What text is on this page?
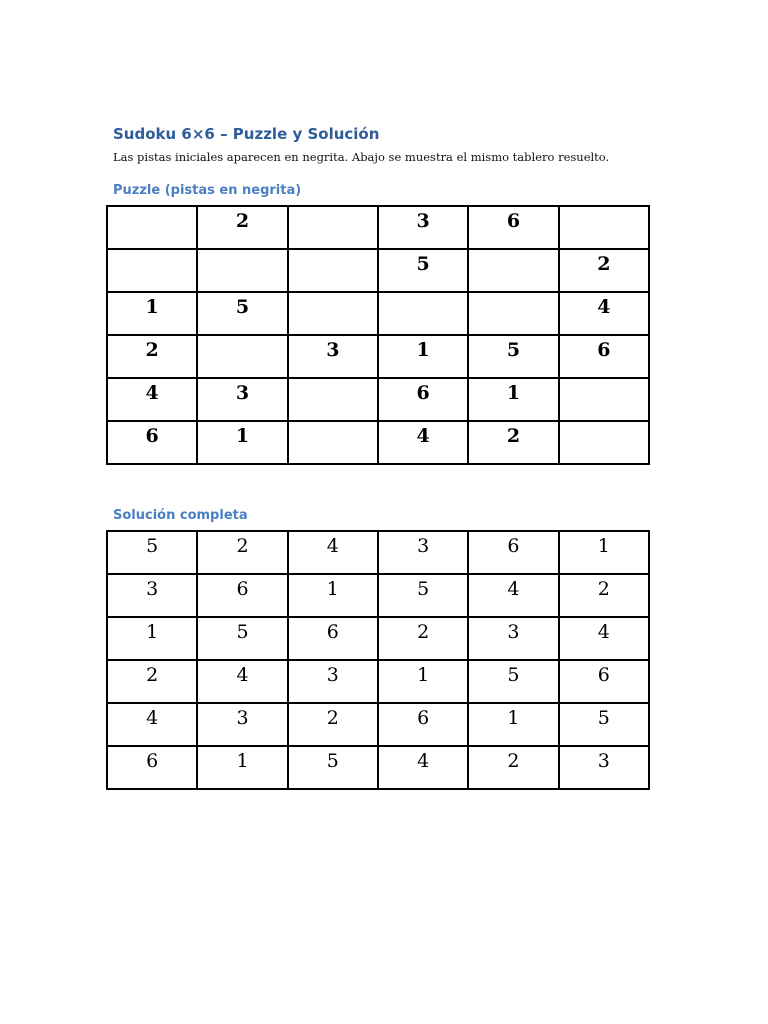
Sudoku 6×6 – Puzzle y Solución

Las pistas iniciales aparecen en negrita. Abajo se muestra el mismo tablero resuelto.

Puzzle (pistas en negrita)
	2		3	6	
			5		2
1	5				4
2		3	1	5	6
4	3		6	1	
6	1		4	2	
Solución completa
5	2	4	3	6	1
3	6	1	5	4	2
1	5	6	2	3	4
2	4	3	1	5	6
4	3	2	6	1	5
6	1	5	4	2	3
